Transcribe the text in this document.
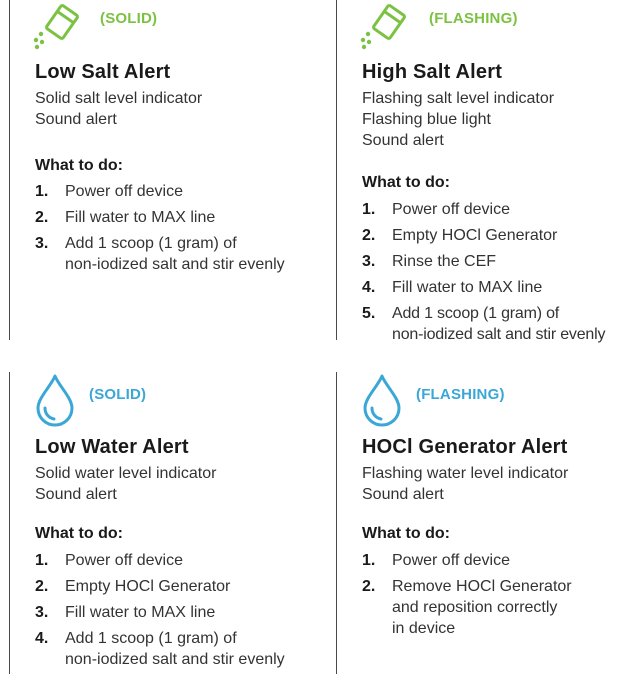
(SOLID)
Low Salt Alert
Solid salt level indicator
Sound alert
What to do:
1. Power off device
2. Fill water to MAX line
3. Add 1 scoop (1 gram) of
non-iodized salt and stir evenly
(FLASHING)
High Salt Alert
Flashing salt level indicator
Flashing blue light
Sound alert
What to do:
1. Power off device
2. Empty HOCl Generator
3. Rinse the CEF
4. Fill water to MAX line
5. Add 1 scoop (1 gram) of
non-iodized salt and stir evenly
(SOLID)
Low Water Alert
Solid water level indicator
Sound alert
What to do:
1. Power off device
2. Empty HOCl Generator
3. Fill water to MAX line
4. Add 1 scoop (1 gram) of
non-iodized salt and stir evenly
(FLASHING)
HOCl Generator Alert
Flashing water level indicator
Sound alert
What to do:
1. Power off device
2. Remove HOCl Generator
and reposition correctly
in device
